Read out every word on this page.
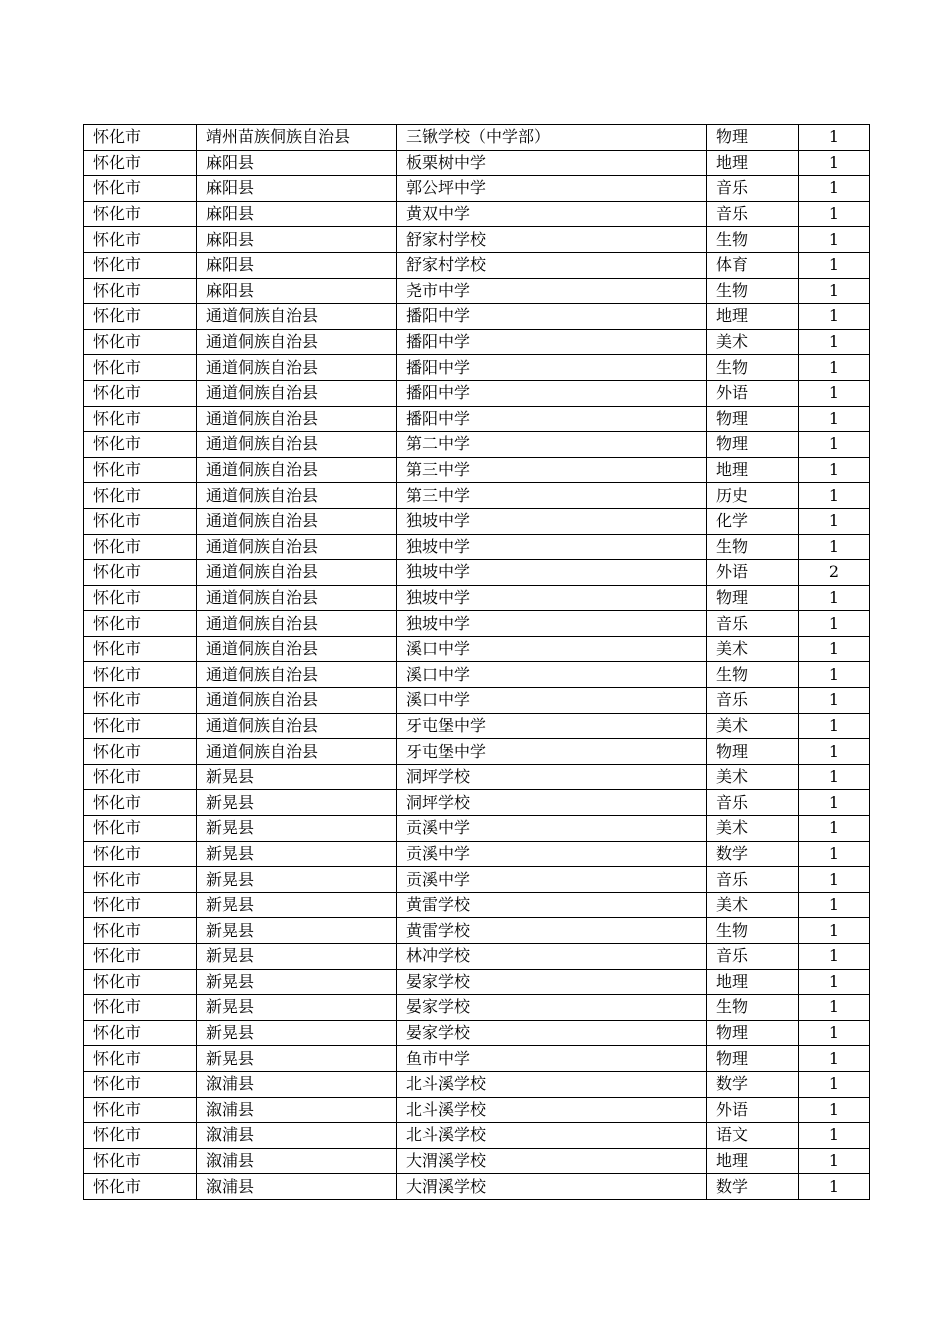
怀化市	靖州苗族侗族自治县	三锹学校（中学部）	物理	1
怀化市	麻阳县	板栗树中学	地理	1
怀化市	麻阳县	郭公坪中学	音乐	1
怀化市	麻阳县	黄双中学	音乐	1
怀化市	麻阳县	舒家村学校	生物	1
怀化市	麻阳县	舒家村学校	体育	1
怀化市	麻阳县	尧市中学	生物	1
怀化市	通道侗族自治县	播阳中学	地理	1
怀化市	通道侗族自治县	播阳中学	美术	1
怀化市	通道侗族自治县	播阳中学	生物	1
怀化市	通道侗族自治县	播阳中学	外语	1
怀化市	通道侗族自治县	播阳中学	物理	1
怀化市	通道侗族自治县	第二中学	物理	1
怀化市	通道侗族自治县	第三中学	地理	1
怀化市	通道侗族自治县	第三中学	历史	1
怀化市	通道侗族自治县	独坡中学	化学	1
怀化市	通道侗族自治县	独坡中学	生物	1
怀化市	通道侗族自治县	独坡中学	外语	2
怀化市	通道侗族自治县	独坡中学	物理	1
怀化市	通道侗族自治县	独坡中学	音乐	1
怀化市	通道侗族自治县	溪口中学	美术	1
怀化市	通道侗族自治县	溪口中学	生物	1
怀化市	通道侗族自治县	溪口中学	音乐	1
怀化市	通道侗族自治县	牙屯堡中学	美术	1
怀化市	通道侗族自治县	牙屯堡中学	物理	1
怀化市	新晃县	洞坪学校	美术	1
怀化市	新晃县	洞坪学校	音乐	1
怀化市	新晃县	贡溪中学	美术	1
怀化市	新晃县	贡溪中学	数学	1
怀化市	新晃县	贡溪中学	音乐	1
怀化市	新晃县	黄雷学校	美术	1
怀化市	新晃县	黄雷学校	生物	1
怀化市	新晃县	林冲学校	音乐	1
怀化市	新晃县	晏家学校	地理	1
怀化市	新晃县	晏家学校	生物	1
怀化市	新晃县	晏家学校	物理	1
怀化市	新晃县	鱼市中学	物理	1
怀化市	溆浦县	北斗溪学校	数学	1
怀化市	溆浦县	北斗溪学校	外语	1
怀化市	溆浦县	北斗溪学校	语文	1
怀化市	溆浦县	大渭溪学校	地理	1
怀化市	溆浦县	大渭溪学校	数学	1
